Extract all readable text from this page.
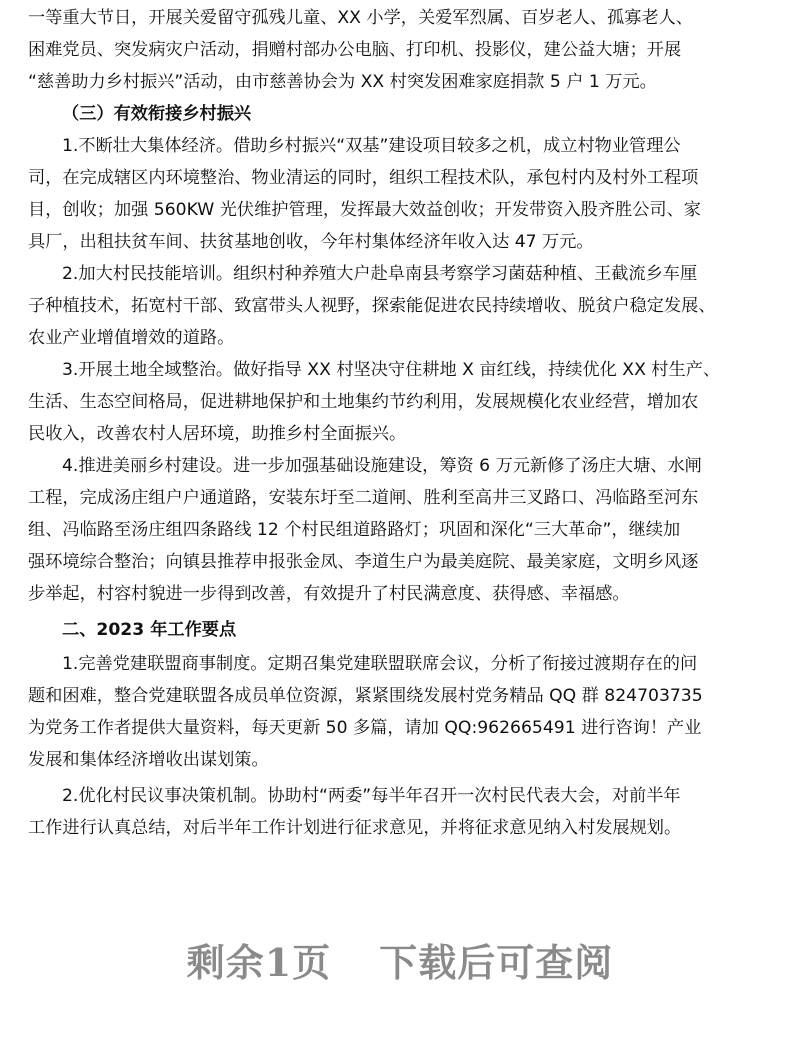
一等重大节日，开展关爱留守孤残儿童、XX 小学，关爱军烈属、百岁老人、孤寡老人、
困难党员、突发病灾户活动，捐赠村部办公电脑、打印机、投影仪，建公益大塘；开展
“慈善助力乡村振兴”活动，由市慈善协会为 XX 村突发困难家庭捐款 5 户 1 万元。
（三）有效衔接乡村振兴
1.不断壮大集体经济。借助乡村振兴“双基”建设项目较多之机，成立村物业管理公
司，在完成辖区内环境整治、物业清运的同时，组织工程技术队，承包村内及村外工程项
目，创收；加强 560KW 光伏维护管理，发挥最大效益创收；开发带资入股齐胜公司、家
具厂，出租扶贫车间、扶贫基地创收，今年村集体经济年收入达 47 万元。
2.加大村民技能培训。组织村种养殖大户赴阜南县考察学习菌菇种植、王截流乡车厘
子种植技术，拓宽村干部、致富带头人视野，探索能促进农民持续增收、脱贫户稳定发展、
农业产业增值增效的道路。
3.开展土地全域整治。做好指导 XX 村坚决守住耕地 X 亩红线，持续优化 XX 村生产、
生活、生态空间格局，促进耕地保护和土地集约节约利用，发展规模化农业经营，增加农
民收入，改善农村人居环境，助推乡村全面振兴。
4.推进美丽乡村建设。进一步加强基础设施建设，筹资 6 万元新修了汤庄大塘、水闸
工程，完成汤庄组户户通道路，安装东圩至二道闸、胜利至高井三叉路口、冯临路至河东
组、冯临路至汤庄组四条路线 12 个村民组道路路灯；巩固和深化“三大革命”，继续加
强环境综合整治；向镇县推荐申报张金凤、李道生户为最美庭院、最美家庭，文明乡风逐
步举起，村容村貌进一步得到改善，有效提升了村民满意度、获得感、幸福感。
二、2023 年工作要点
1.完善党建联盟商事制度。定期召集党建联盟联席会议，分析了衔接过渡期存在的问
题和困难，整合党建联盟各成员单位资源，紧紧围绕发展村党务精品 QQ 群 824703735
为党务工作者提供大量资料，每天更新 50 多篇，请加 QQ:962665491 进行咨询！产业
发展和集体经济增收出谋划策。
2.优化村民议事决策机制。协助村“两委”每半年召开一次村民代表大会，对前半年
工作进行认真总结，对后半年工作计划进行征求意见，并将征求意见纳入村发展规划。
剩余1页 下载后可查阅
